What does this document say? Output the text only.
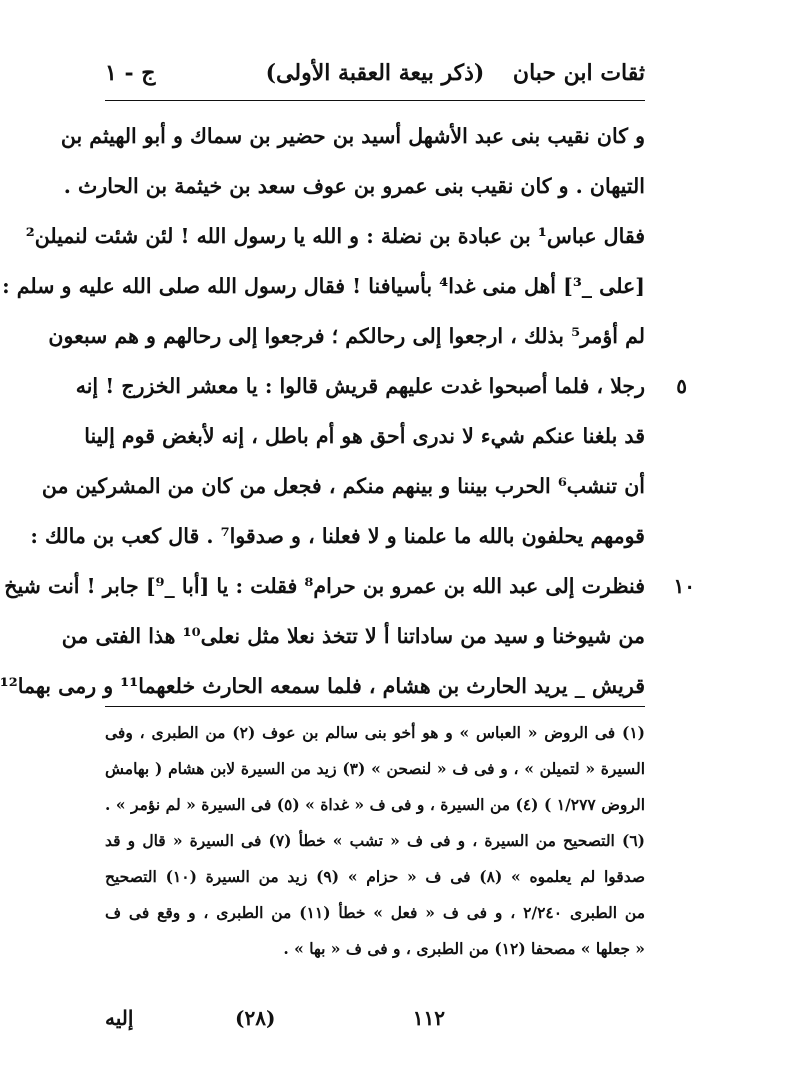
ثقات ابن حبان
(ذكر بيعة العقبة الأولى)
ج - ١
و كان نقيب بنى عبد الأشهل أسيد بن حضير بن سماك و أبو الهيثم بن
التيهان . و كان نقيب بنى عمرو بن عوف سعد بن خيثمة بن الحارث .
فقال عباس¹ بن عبادة بن نضلة : و الله يا رسول الله ! لئن شئت لنميلن²
[على _³] أهل منى غدا⁴ بأسيافنا ! فقال رسول الله صلى الله عليه و سلم :
لم أؤمر⁵ بذلك ، ارجعوا إلى رحالكم ؛ فرجعوا إلى رحالهم و هم سبعون
رجلا ، فلما أصبحوا غدت عليهم قريش قالوا : يا معشر الخزرج ! إنه
قد بلغنا عنكم شيء لا ندرى أحق هو أم باطل ، إنه لأبغض قوم إلينا
أن تنشب⁶ الحرب بيننا و بينهم منكم ، فجعل من كان من المشركين من
قومهم يحلفون بالله ما علمنا و لا فعلنا ، و صدقوا⁷ . قال كعب بن مالك :
فنظرت إلى عبد الله بن عمرو بن حرام⁸ فقلت : يا [أبا _⁹] جابر ! أنت شيخ
من شيوخنا و سيد من ساداتنا أ لا تتخذ نعلا مثل نعلى¹⁰ هذا الفتى من
قريش _ يريد الحارث بن هشام ، فلما سمعه الحارث خلعهما¹¹ و رمى بهما¹²
٥
١٠
(١) فى الروض « العباس » و هو أخو بنى سالم بن عوف (٢) من الطبرى ، وفى
السيرة « لتميلن » ، و فى ف « لنصحن » (٣) زيد من السيرة لابن هشام ( بهامش
الروض ١/٢٧٧ ) (٤) من السيرة ، و فى ف « غداة » (٥) فى السيرة « لم نؤمر » .
(٦) التصحيح من السيرة ، و فى ف « تشب » خطأ (٧) فى السيرة « قال و قد
صدقوا لم يعلموه » (٨) فى ف « حزام » (٩) زيد من السيرة (١٠) التصحيح
من الطبرى ٢/٢٤٠ ، و فى ف « فعل » خطأ (١١) من الطبرى ، و وقع فى ف
« جعلها » مصحفا (١٢) من الطبرى ، و فى ف « بها » .
١١٢
(٢٨)
إليه
